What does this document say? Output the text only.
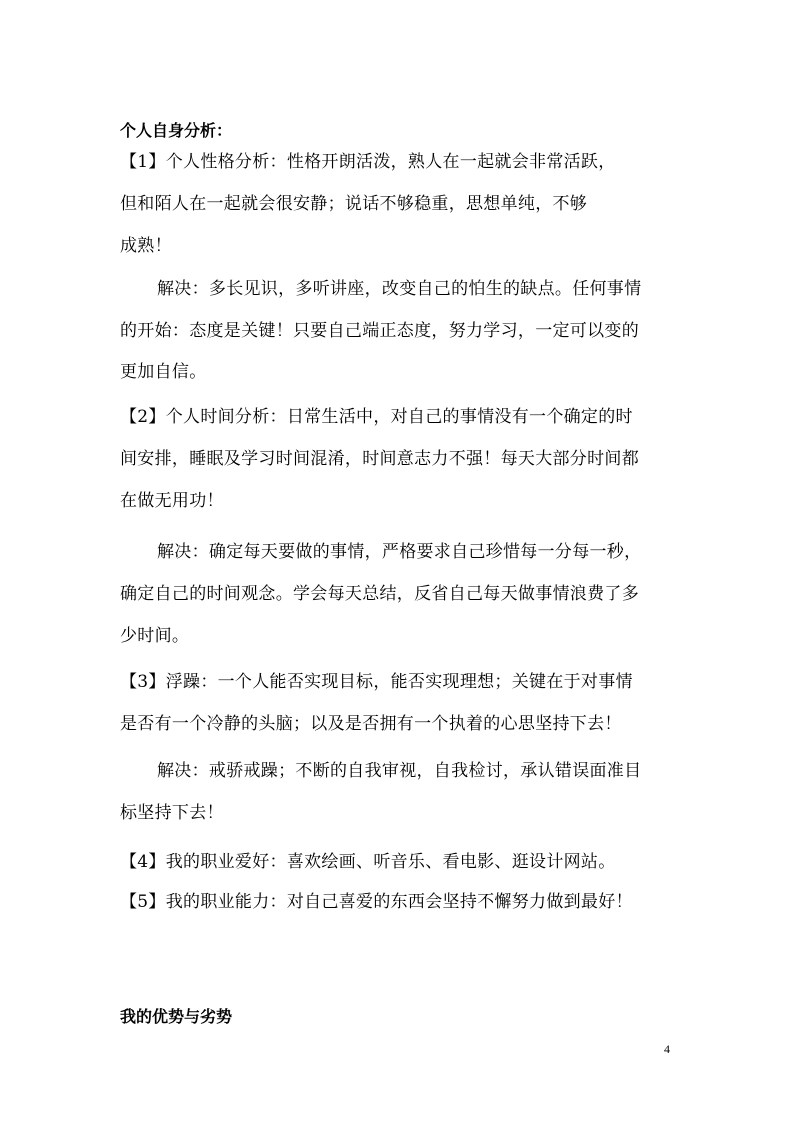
个人自身分析：
【1】个人性格分析：性格开朗活泼，熟人在一起就会非常活跃，
但和陌人在一起就会很安静；说话不够稳重，思想单纯，不够
成熟！
解决：多长见识，多听讲座，改变自己的怕生的缺点。任何事情
的开始：态度是关键！只要自己端正态度，努力学习，一定可以变的
更加自信。
【2】个人时间分析：日常生活中，对自己的事情没有一个确定的时
间安排，睡眠及学习时间混淆，时间意志力不强！每天大部分时间都
在做无用功！
解决：确定每天要做的事情，严格要求自己珍惜每一分每一秒，
确定自己的时间观念。学会每天总结，反省自己每天做事情浪费了多
少时间。
【3】浮躁：一个人能否实现目标，能否实现理想；关键在于对事情
是否有一个冷静的头脑；以及是否拥有一个执着的心思坚持下去！
解决：戒骄戒躁；不断的自我审视，自我检讨，承认错误面准目
标坚持下去！
【4】我的职业爱好：喜欢绘画、听音乐、看电影、逛设计网站。
【5】我的职业能力：对自己喜爱的东西会坚持不懈努力做到最好！
我的优势与劣势
4
